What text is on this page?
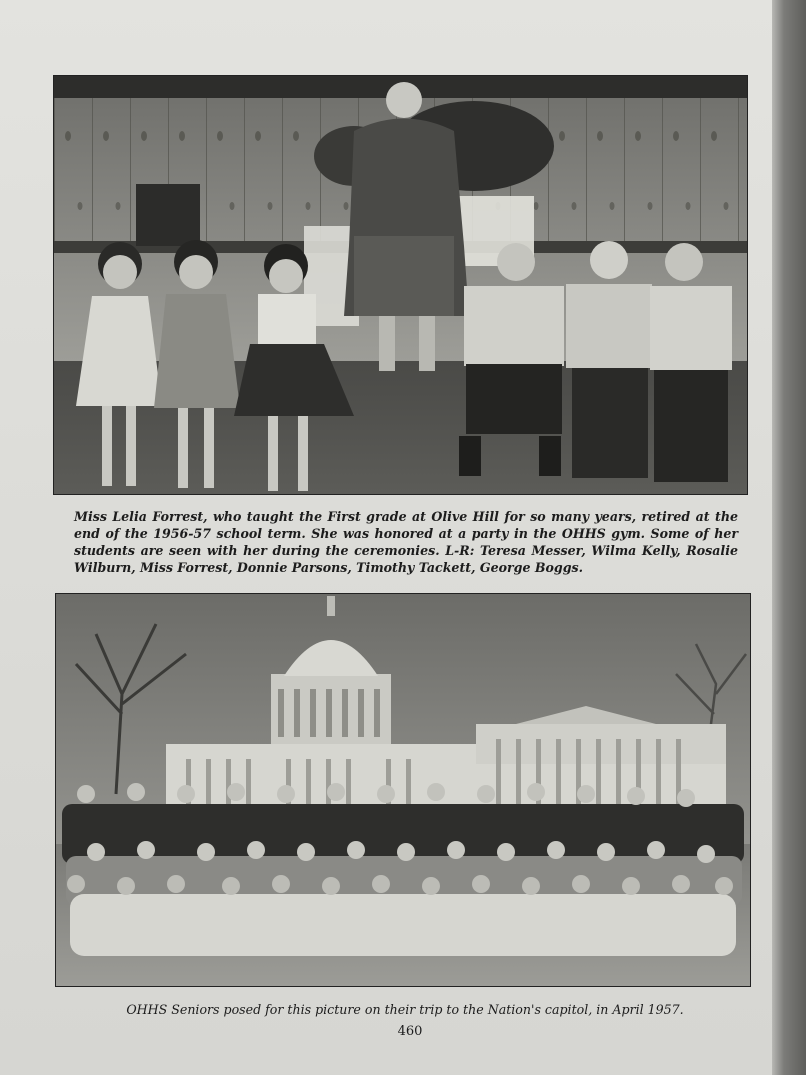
Miss Lelia Forrest, who taught the First grade at Olive Hill for so many years, retired at the end of the 1956-57 school term. She was honored at a party in the OHHS gym. Some of her students are seen with her during the ceremonies. L-R: Teresa Messer, Wilma Kelly, Rosalie Wilburn, Miss Forrest, Donnie Parsons, Timothy Tackett, George Boggs.
OHHS Seniors posed for this picture on their trip to the Nation's capitol, in April 1957.
460
